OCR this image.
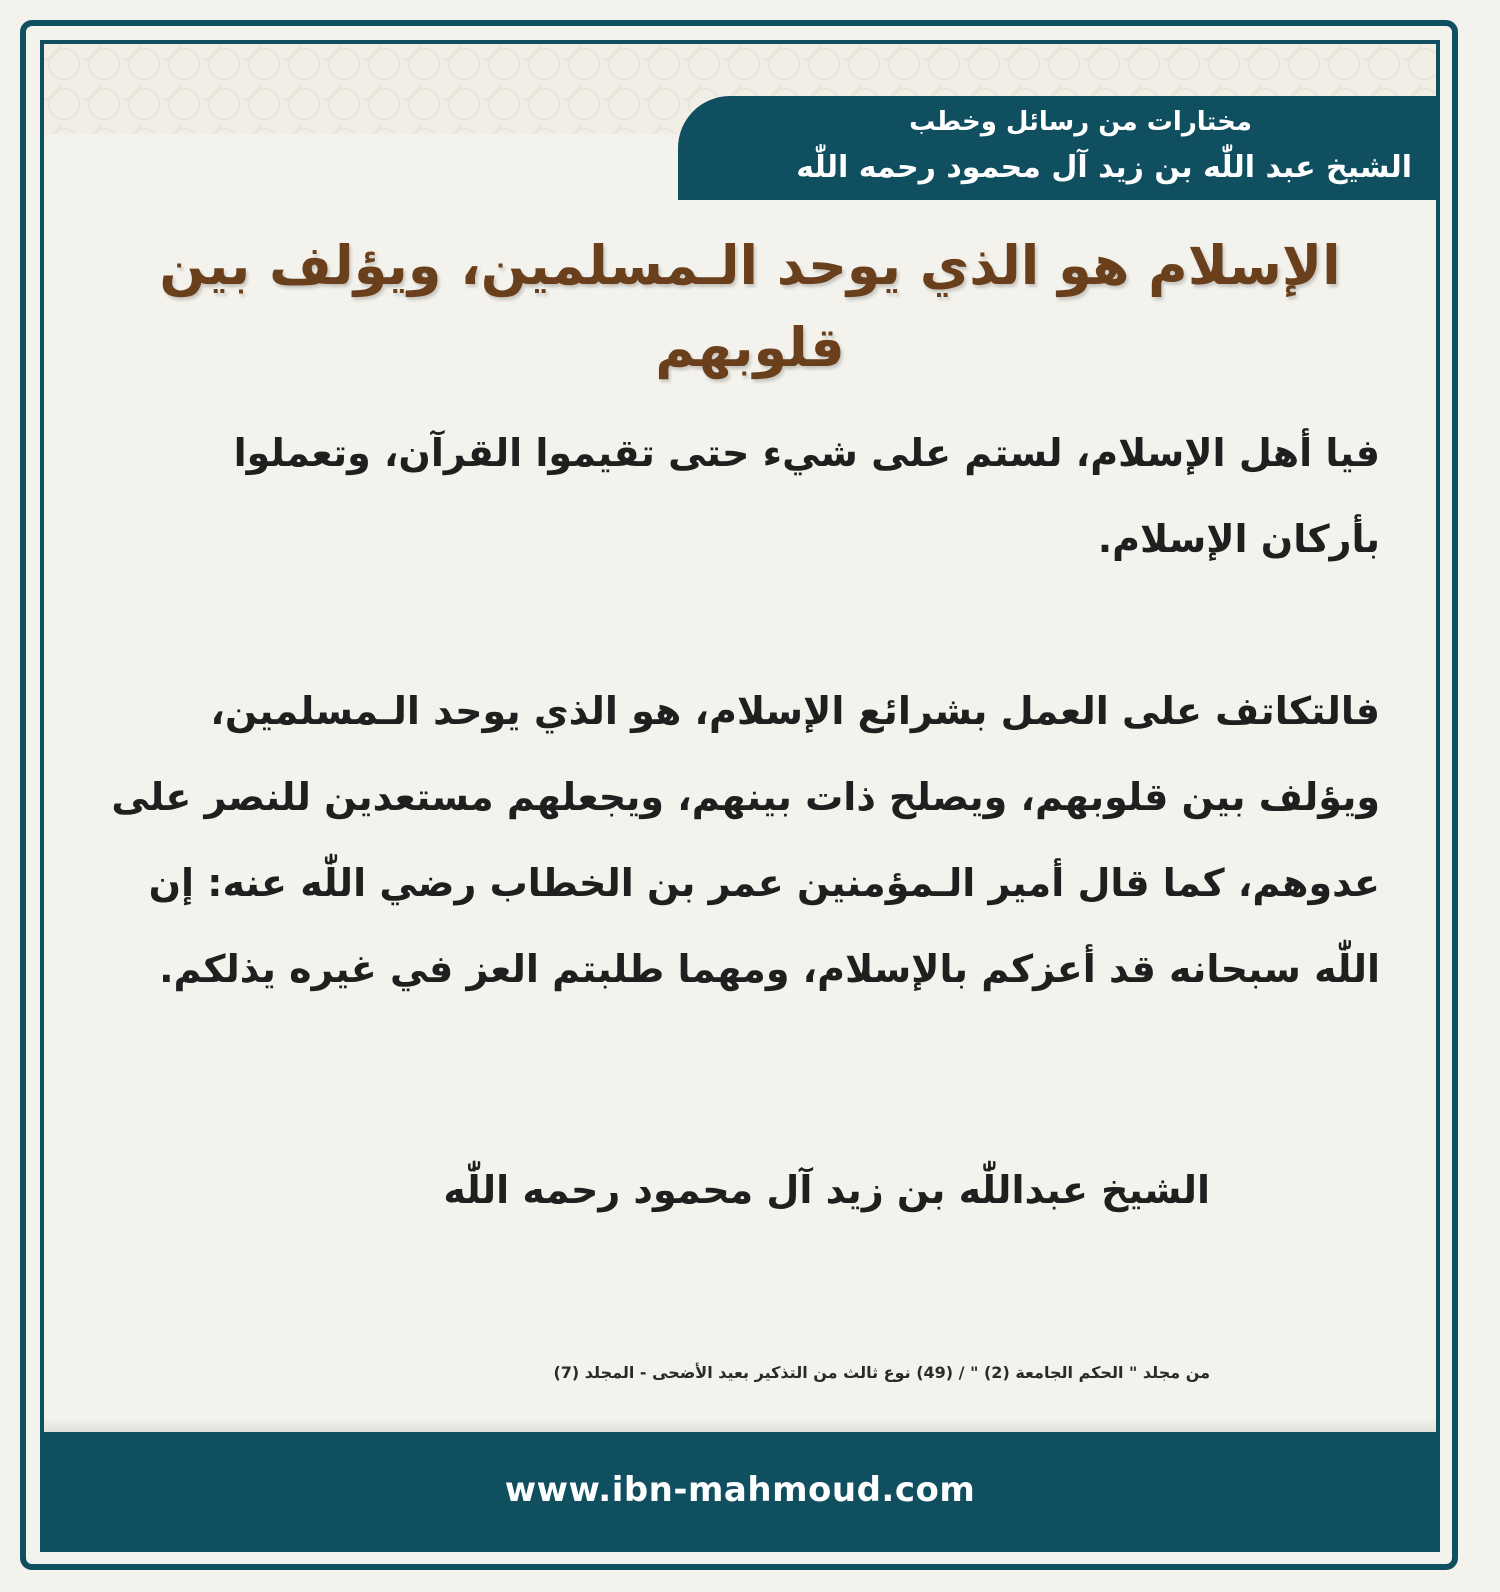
مختارات من رسائل وخطب
الشيخ عبد اللّٰه بن زيد آل محمود رحمه اللّٰه
الإسلام هو الذي يوحد الـمسلمين، ويؤلف بين قلوبهم

فيا أهل الإسلام، لستم على شيء حتى تقيموا القرآن، وتعملوا بأركان الإسلام.

فالتكاتف على العمل بشرائع الإسلام، هو الذي يوحد الـمسلمين، ويؤلف بين قلوبهم، ويصلح ذات بينهم، ويجعلهم مستعدين للنصر على عدوهم، كما قال أمير الـمؤمنين عمر بن الخطاب رضي اللّٰه عنه: إن اللّٰه سبحانه قد أعزكم بالإسلام، ومهما طلبتم العز في غيره يذلكم.

الشيخ عبداللّٰه بن زيد آل محمود رحمه اللّٰه
من مجلد " الحكم الجامعة (2) " / (49) نوع ثالث من التذكير بعيد الأضحى - المجلد (7)
www.ibn-mahmoud.com
